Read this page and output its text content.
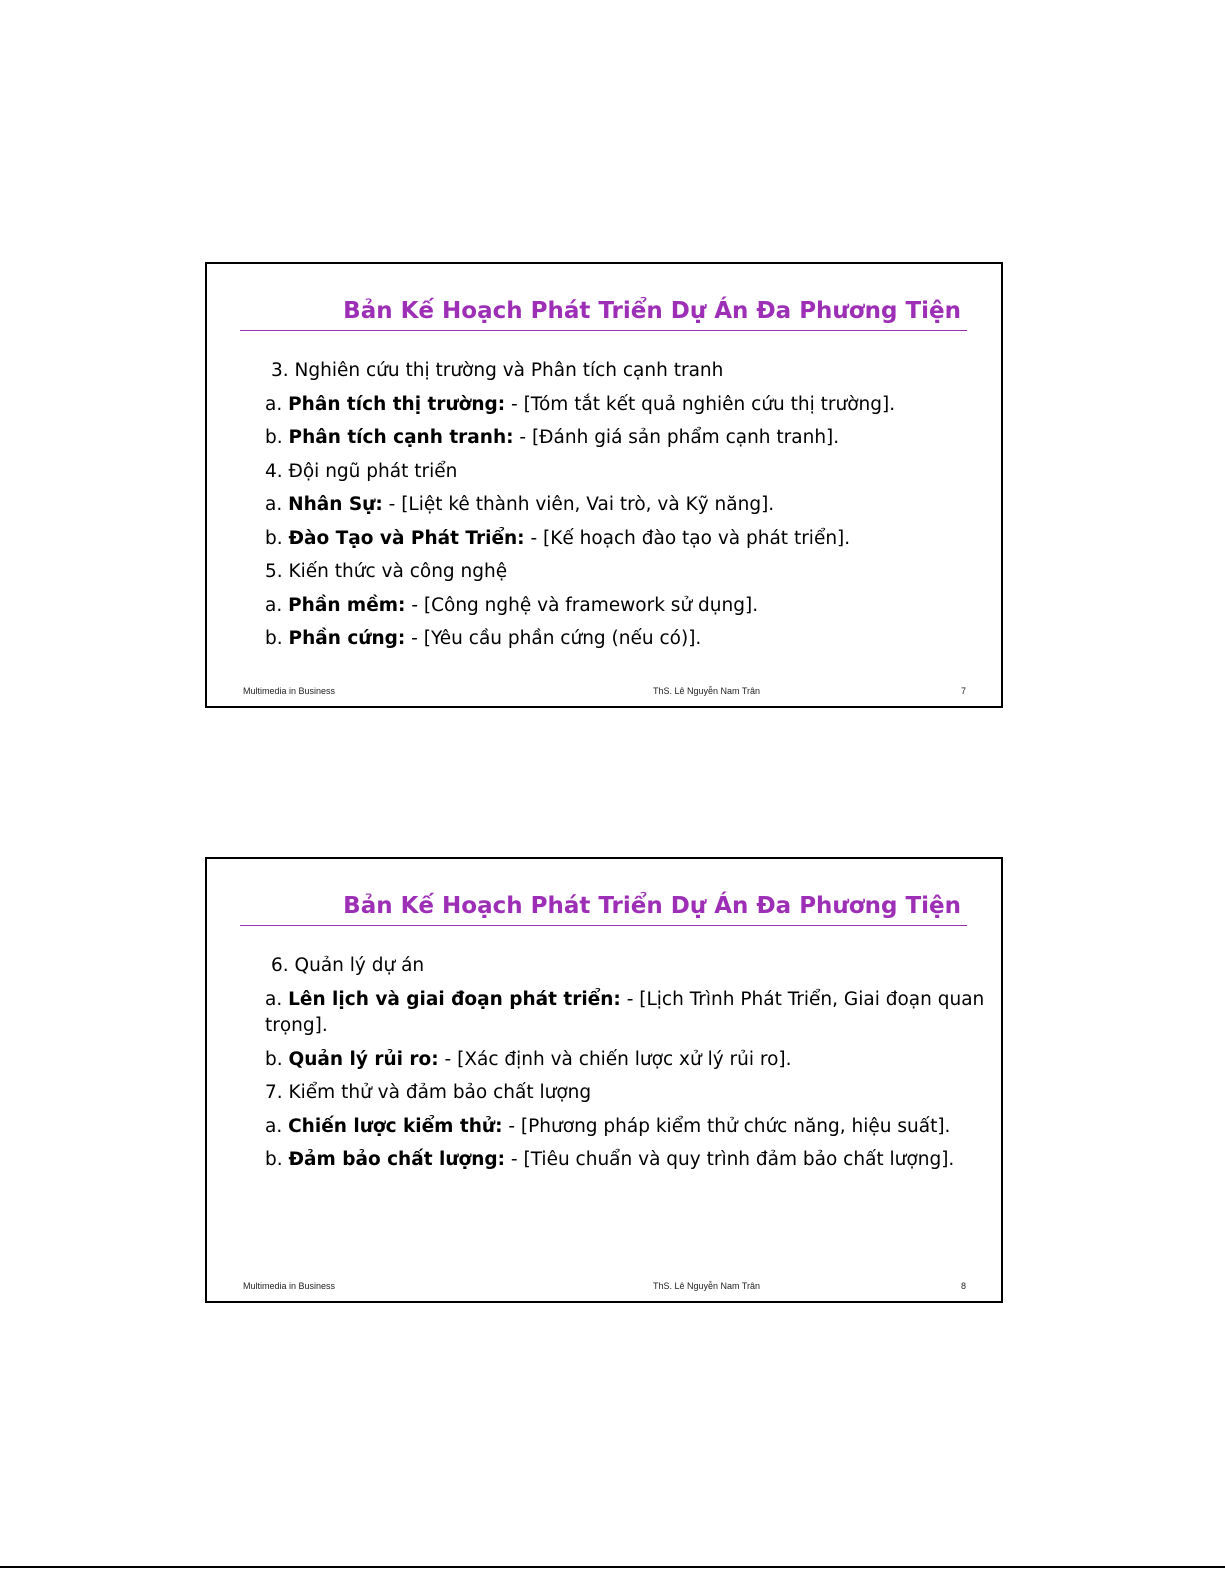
Bản Kế Hoạch Phát Triển Dự Án Đa Phương Tiện
3. Nghiên cứu thị trường và Phân tích cạnh tranh
a. Phân tích thị trường: - [Tóm tắt kết quả nghiên cứu thị trường].
b. Phân tích cạnh tranh: - [Đánh giá sản phẩm cạnh tranh].
4. Đội ngũ phát triển
a. Nhân Sự: - [Liệt kê thành viên, Vai trò, và Kỹ năng].
b. Đào Tạo và Phát Triển: - [Kế hoạch đào tạo và phát triển].
5. Kiến thức và công nghệ
a. Phần mềm: - [Công nghệ và framework sử dụng].
b. Phần cứng: - [Yêu cầu phần cứng (nếu có)].
Multimedia in Business	ThS. Lê Nguyễn Nam Trân	7
Bản Kế Hoạch Phát Triển Dự Án Đa Phương Tiện
6. Quản lý dự án
a. Lên lịch và giai đoạn phát triển: - [Lịch Trình Phát Triển, Giai đoạn quan trọng].
b. Quản lý rủi ro: - [Xác định và chiến lược xử lý rủi ro].
7. Kiểm thử và đảm bảo chất lượng
a. Chiến lược kiểm thử: - [Phương pháp kiểm thử chức năng, hiệu suất].
b. Đảm bảo chất lượng: - [Tiêu chuẩn và quy trình đảm bảo chất lượng].
Multimedia in Business	ThS. Lê Nguyễn Nam Trân	8
